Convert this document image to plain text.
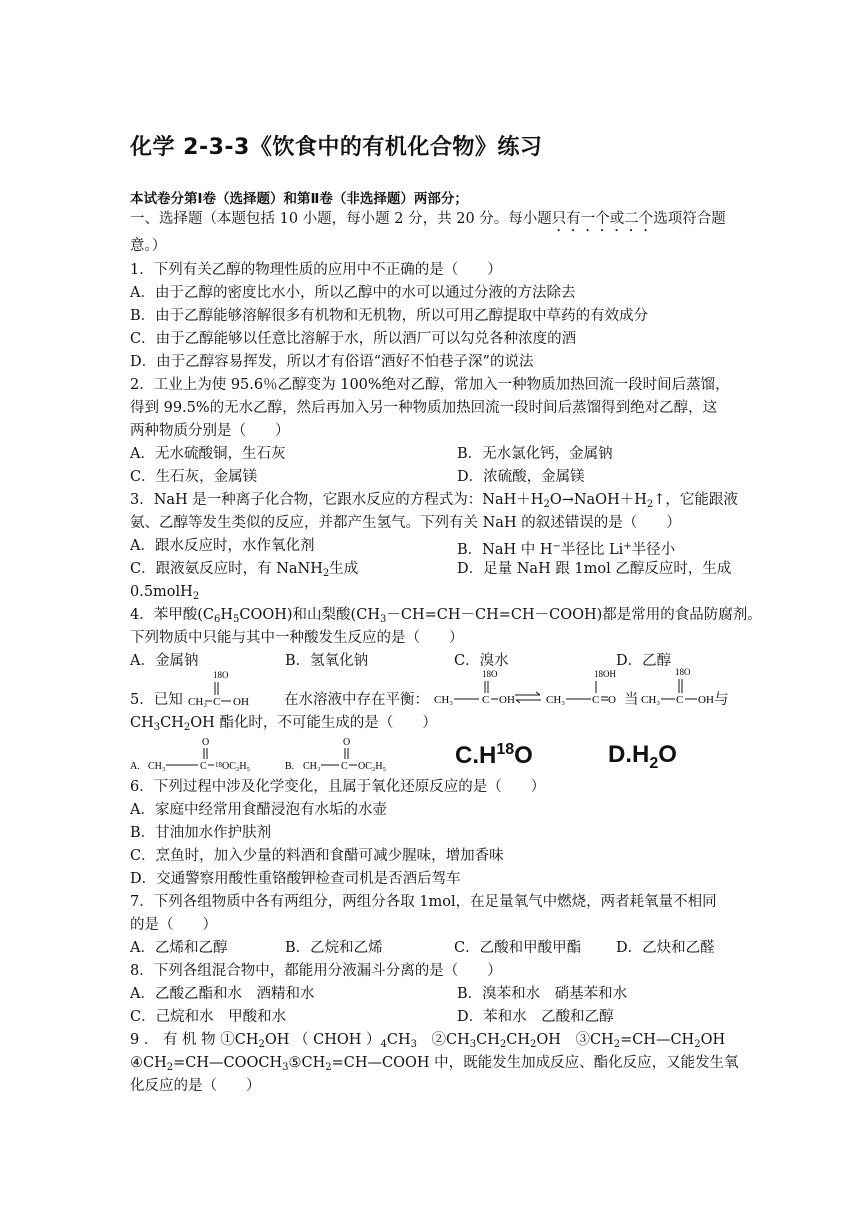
化学 2-3-3《饮食中的有机化合物》练习
本试卷分第Ⅰ卷（选择题）和第Ⅱ卷（非选择题）两部分；
一、选择题（本题包括 10 小题，每小题 2 分，共 20 分。每小题只有一个或二个选项符合题
意。）
1．下列有关乙醇的物理性质的应用中不正确的是（　　）
A．由于乙醇的密度比水小，所以乙醇中的水可以通过分液的方法除去
B．由于乙醇能够溶解很多有机物和无机物，所以可用乙醇提取中草药的有效成分
C．由于乙醇能够以任意比溶解于水，所以酒厂可以勾兑各种浓度的酒
D．由于乙醇容易挥发，所以才有俗语“酒好不怕巷子深”的说法
2．工业上为使 95.6％乙醇变为 100%绝对乙醇，常加入一种物质加热回流一段时间后蒸馏，
得到 99.5%的无水乙醇，然后再加入另一种物质加热回流一段时间后蒸馏得到绝对乙醇，这
两种物质分别是（　　）
A．无水硫酸铜，生石灰	B．无水氯化钙，金属钠
C．生石灰，金属镁	D．浓硫酸，金属镁
3．NaH 是一种离子化合物，它跟水反应的方程式为：$NaH+H_2O\to NaOH+H_2↑$，它能跟液
氨、乙醇等发生类似的反应，并都产生氢气。下列有关 NaH 的叙述错误的是（　　）
A．跟水反应时，水作氧化剂	B．NaH 中 H−半径比 Li+半径小
C．跟液氨反应时，有 NaNH$_2$生成	D．足量 NaH 跟 1mol 乙醇反应时，生成
0.5molH$_2$
4．苯甲酸$(C_6H_5COOH)$和山梨酸$(CH_3-CH=CH-CH=CH-COOH)$都是常用的食品防腐剂。
下列物质中只能与其中一种酸发生反应的是（　　）
A．金属钠	B．氢氧化钠	C．溴水	D．乙醇
5．已知
18O
CH₃ C OH 在水溶液中存在平衡：
18O
CH₃	C OH ⇌
18OH
CH₃ C O 当
18O
CH₃ C OH 与
$CH_3CH_2OH$ 酯化时，不可能生成的是（　　）
A.
O
CH₃	C 18 OC₂H₅	B.
O
CH₃ C OC₂H₅	$C.H^{18}O$	$D.H_2O$
6．下列过程中涉及化学变化，且属于氧化还原反应的是（　　）
A．家庭中经常用食醋浸泡有水垢的水壶
B．甘油加水作护肤剂
C．烹鱼时，加入少量的料酒和食醋可减少腥味，增加香味
D．交通警察用酸性重铬酸钾检查司机是否酒后驾车
7．下列各组物质中各有两组分，两组分各取 1mol，在足量氧气中燃烧，两者耗氧量不相同
的是（　　）
A．乙烯和乙醇	B．乙烷和乙烯	C．乙酸和甲酸甲酯 D．乙炔和乙醛
8．下列各组混合物中，都能用分液漏斗分离的是（　　）
A．乙酸乙酯和水　酒精和水	B．溴苯和水　硝基苯和水
C．己烷和水　甲酸和水	D．苯和水　乙酸和乙醇
9 ． 有 机 物 $①CH_2OH$ （ CHOH ）$_4CH_3$　$②CH_3CH_2CH_2OH$　$③CH_2=CH—CH_2OH$
$④CH_2=CH—COOCH_3⑤CH_2=CH—COOH$ 中，既能发生加成反应、酯化反应，又能发生氧
化反应的是（　　）
